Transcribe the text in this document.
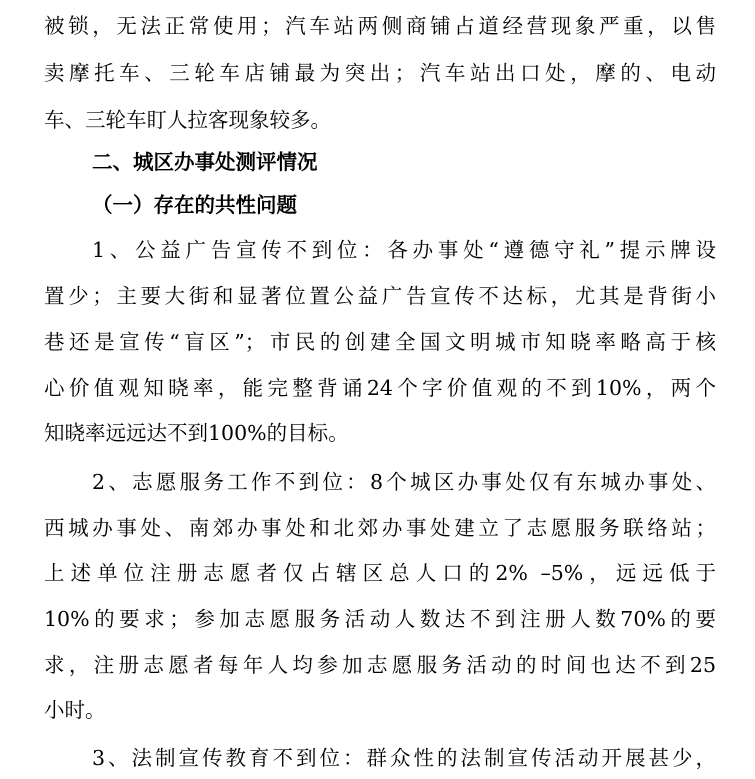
被锁，无法正常使用；汽车站两侧商铺占道经营现象严重，以售
卖摩托车、三轮车店铺最为突出；汽车站出口处，摩的、电动
车、三轮车盯人拉客现象较多。
二、城区办事处测评情况
（一）存在的共性问题
1、公益广告宣传不到位：各办事处“遵德守礼”提示牌设
置少；主要大街和显著位置公益广告宣传不达标，尤其是背街小
巷还是宣传“盲区”；市民的创建全国文明城市知晓率略高于核
心价值观知晓率，能完整背诵24个字价值观的不到10%，两个
知晓率远远达不到100%的目标。
2、志愿服务工作不到位：8个城区办事处仅有东城办事处、
西城办事处、南郊办事处和北郊办事处建立了志愿服务联络站；
上述单位注册志愿者仅占辖区总人口的2% –5%，远远低于
10%的要求；参加志愿服务活动人数达不到注册人数70%的要
求，注册志愿者每年人均参加志愿服务活动的时间也达不到25
小时。
3、法制宣传教育不到位：群众性的法制宣传活动开展甚少，
